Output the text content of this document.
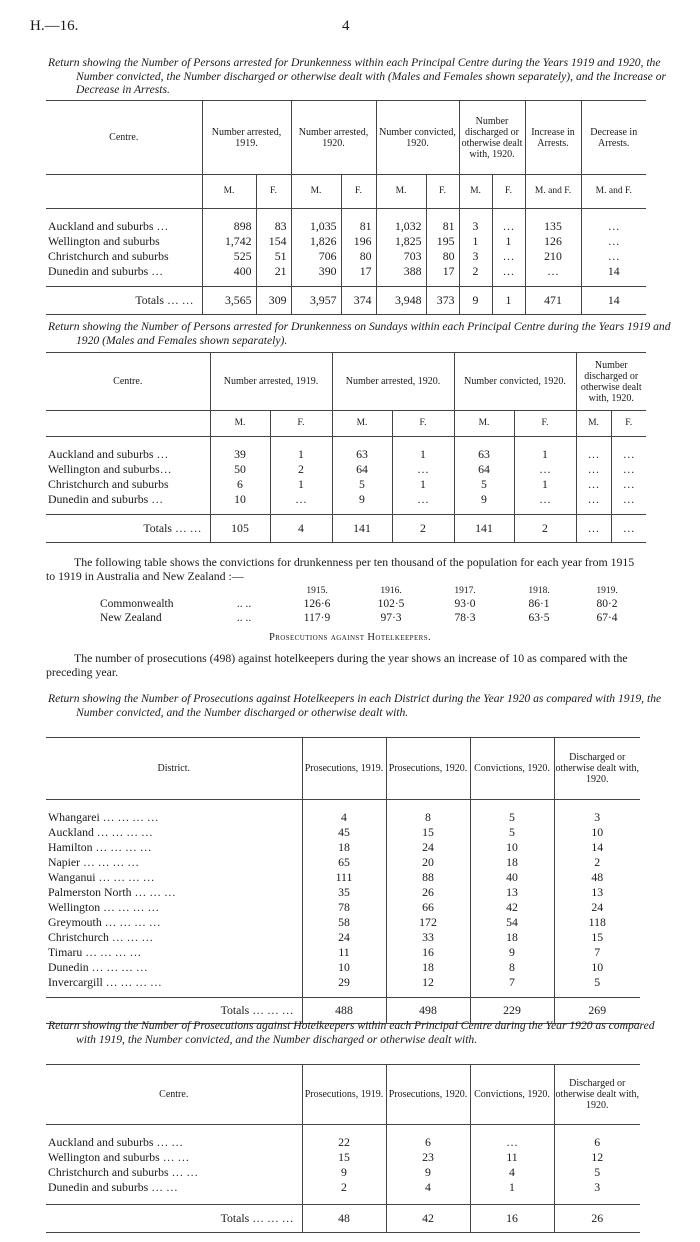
H.—16.	4

Return showing the Number of Persons arrested for Drunkenness within each Principal Centre during the Years 1919 and 1920, the Number convicted, the Number discharged or otherwise dealt with (Males and Females shown separately), and the Increase or Decrease in Arrests.

Centre.	Number arrested, 1919.		Number arrested, 1920.		Number convicted, 1920.		Number discharged or otherwise dealt with, 1920.		Increase in Arrests.	Decrease in Arrests.
	M.	F.	M.	F.	M.	F.	M.	F.	M. and F.	M. and F.

Auckland and suburbs …	898	83	1,035	81	1,032	81	3	…	135	…
Wellington and suburbs	1,742	154	1,826	196	1,825	195	1	1	126	…
Christchurch and suburbs	525	51	706	80	703	80	3	…	210	…
Dunedin and suburbs …	400	21	390	17	388	17	2	…	…	14

Totals … …	3,565	309	3,957	374	3,948	373	9	1	471	14

Return showing the Number of Persons arrested for Drunkenness on Sundays within each Principal Centre during the Years 1919 and 1920 (Males and Females shown separately).

Centre.	Number arrested, 1919.		Number arrested, 1920.		Number convicted, 1920.		Number discharged or otherwise dealt with, 1920.	
	M.	F.	M.	F.	M.	F.	M.	F.

Auckland and suburbs …	39	1	63	1	63	1	…	…
Wellington and suburbs…	50	2	64	…	64	…	…	…
Christchurch and suburbs	6	1	5	1	5	1	…	…
Dunedin and suburbs …	10	…	9	…	9	…	…	…

Totals … …	105	4	141	2	141	2	…	…

The following table shows the convictions for drunkenness per ten thousand of the population for each year from 1915 to 1919 in Australia and New Zealand :—

		1915.	1916.	1917.	1918.	1919.
Commonwealth	.. ..	126·6	102·5	93·0	86·1	80·2
New Zealand	.. ..	117·9	97·3	78·3	63·5	67·4
Prosecutions against Hotelkeepers.

The number of prosecutions (498) against hotelkeepers during the year shows an increase of 10 as compared with the preceding year.

Return showing the Number of Prosecutions against Hotelkeepers in each District during the Year 1920 as compared with 1919, the Number convicted, and the Number discharged or otherwise dealt with.

District.	Prosecutions, 1919.	Prosecutions, 1920.	Convictions, 1920.	Discharged or otherwise dealt with, 1920.

Whangarei … … … …	4	8	5	3
Auckland … … … …	45	15	5	10
Hamilton … … … …	18	24	10	14
Napier … … … …	65	20	18	2
Wanganui … … … …	111	88	40	48
Palmerston North … … …	35	26	13	13
Wellington … … … …	78	66	42	24
Greymouth … … … …	58	172	54	118
Christchurch … … …	24	33	18	15
Timaru … … … …	11	16	9	7
Dunedin … … … …	10	18	8	10
Invercargill … … … …	29	12	7	5

Totals … … …	488	498	229	269

Return showing the Number of Prosecutions against Hotelkeepers within each Principal Centre during the Year 1920 as compared with 1919, the Number convicted, and the Number discharged or otherwise dealt with.

Centre.	Prosecutions, 1919.	Prosecutions, 1920.	Convictions, 1920.	Discharged or otherwise dealt with, 1920.

Auckland and suburbs … …	22	6	…	6
Wellington and suburbs … …	15	23	11	12
Christchurch and suburbs … …	9	9	4	5
Dunedin and suburbs … …	2	4	1	3

Totals … … …	48	42	16	26
